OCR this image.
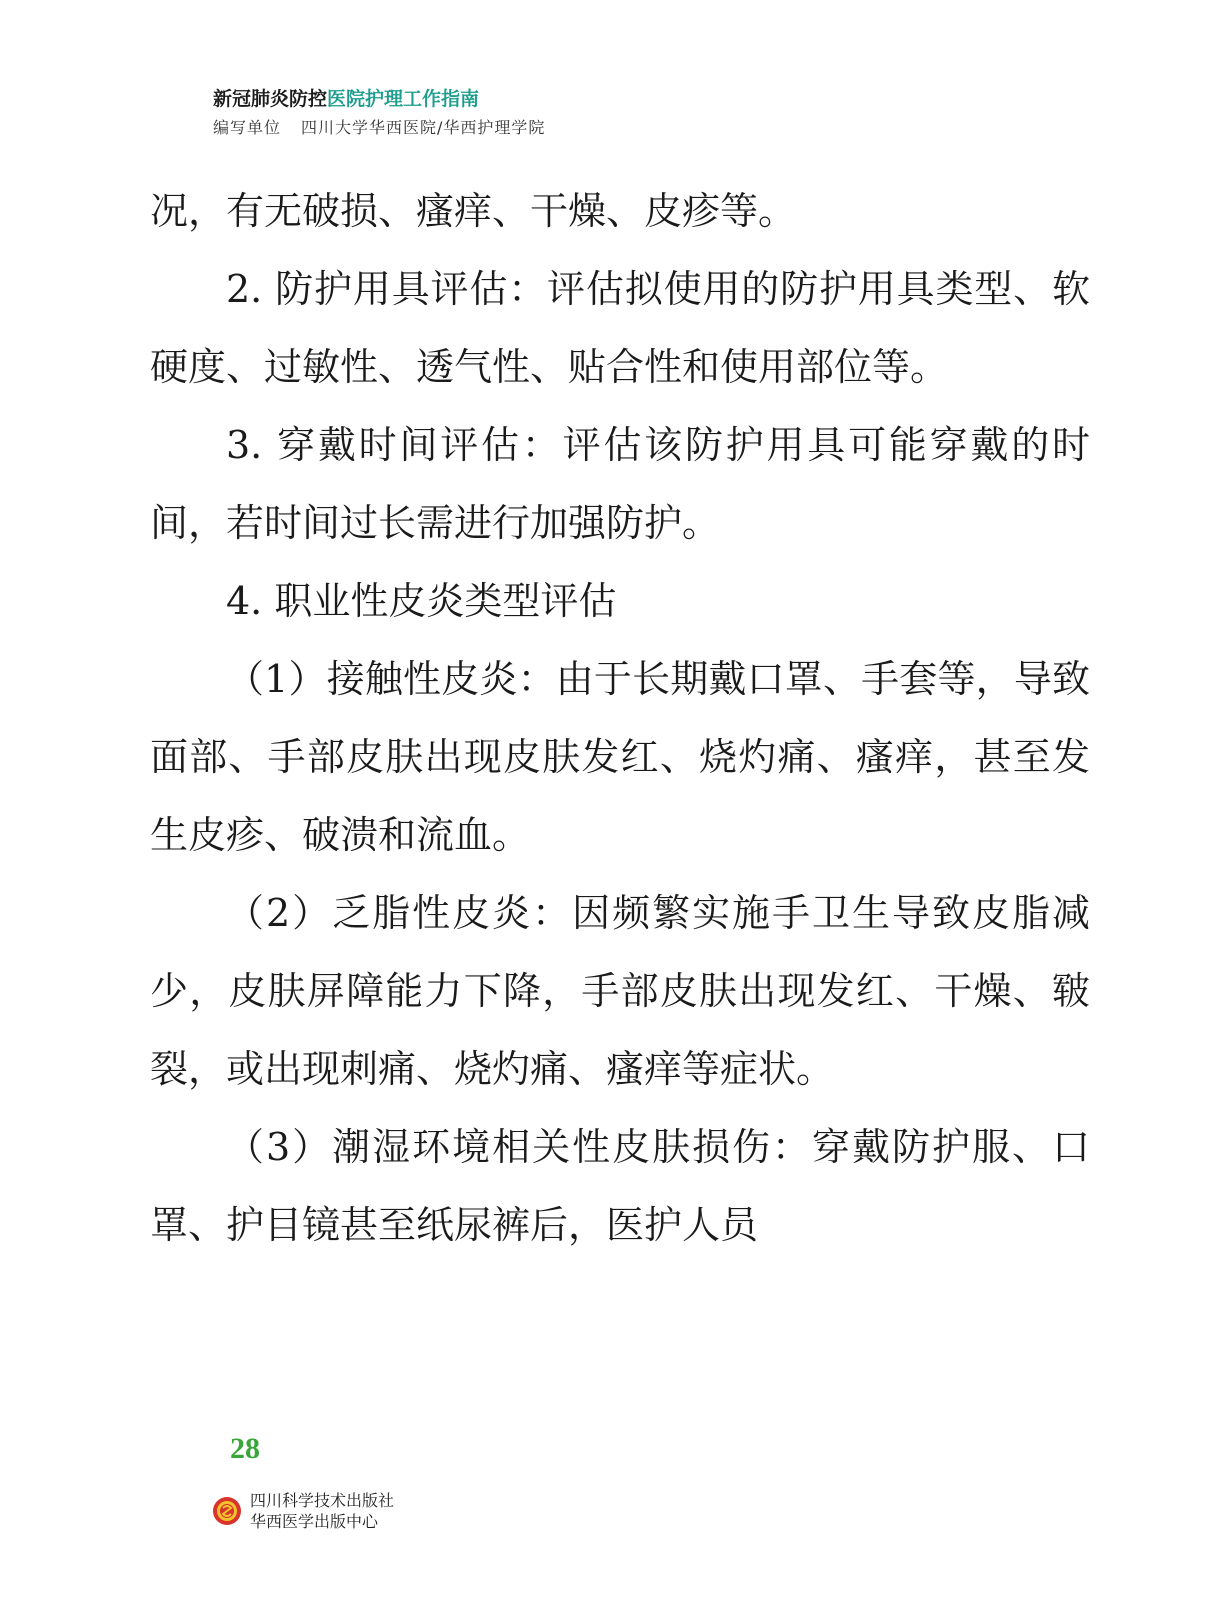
新冠肺炎防控医院护理工作指南
编写单位 四川大学华西医院/华西护理学院

况，有无破损、瘙痒、干燥、皮疹等。

2. 防护用具评估：评估拟使用的防护用具类型、软硬度、过敏性、透气性、贴合性和使用部位等。

3. 穿戴时间评估：评估该防护用具可能穿戴的时间，若时间过长需进行加强防护。

4. 职业性皮炎类型评估

（1）接触性皮炎：由于长期戴口罩、手套等，导致面部、手部皮肤出现皮肤发红、烧灼痛、瘙痒，甚至发生皮疹、破溃和流血。

（2）乏脂性皮炎：因频繁实施手卫生导致皮脂减少，皮肤屏障能力下降，手部皮肤出现发红、干燥、皲裂，或出现刺痛、烧灼痛、瘙痒等症状。

（3）潮湿环境相关性皮肤损伤：穿戴防护服、口罩、护目镜甚至纸尿裤后，医护人员

28
四川科学技术出版社
华西医学出版中心
